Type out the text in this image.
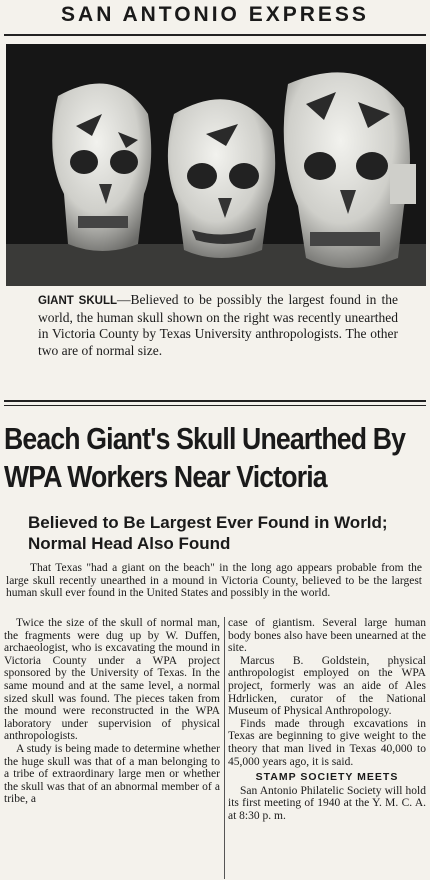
SAN ANTONIO EXPRESS
GIANT SKULL—Believed to be possibly the largest found in the world, the human skull shown on the right was recently unearthed in Victoria County by Texas University anthropologists. The other two are of normal size.
Beach Giant's Skull Unearthed By WPA Workers Near Victoria
Believed to Be Largest Ever Found in World; Normal Head Also Found
That Texas "had a giant on the beach" in the long ago appears probable from the large skull recently unearthed in a mound in Victoria County, believed to be the largest human skull ever found in the United States and possibly in the world.

Twice the size of the skull of normal man, the fragments were dug up by W. Duffen, archaeologist, who is excavating the mound in Victoria County under a WPA project sponsored by the University of Texas. In the same mound and at the same level, a normal sized skull was found. The pieces taken from the mound were reconstructed in the WPA laboratory under supervision of physical anthropologists.

A study is being made to determine whether the huge skull was that of a man belonging to a tribe of extraordinary large men or whether the skull was that of an abnormal member of a tribe, a

case of giantism. Several large human body bones also have been unearned at the site.

Marcus B. Goldstein, physical anthropologist employed on the WPA project, formerly was an aide of Ales Hdrlicken, curator of the National Museum of Physical Anthropology.

Finds made through excavations in Texas are beginning to give weight to the theory that man lived in Texas 40,000 to 45,000 years ago, it is said.

STAMP SOCIETY MEETS

San Antonio Philatelic Society will hold its first meeting of 1940 at the Y. M. C. A. at 8:30 p. m.
